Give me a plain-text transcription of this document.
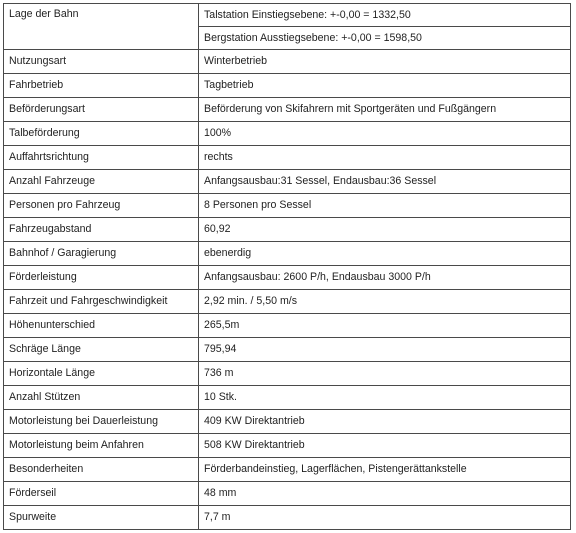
Lage der Bahn	Talstation Einstiegsebene: +-0,00 = 1332,50
	Bergstation Ausstiegsebene: +-0,00 = 1598,50
Nutzungsart	Winterbetrieb
Fahrbetrieb	Tagbetrieb
Beförderungsart	Beförderung von Skifahrern mit Sportgeräten und Fußgängern
Talbeförderung	100%
Auffahrtsrichtung	rechts
Anzahl Fahrzeuge	Anfangsausbau:31 Sessel, Endausbau:36 Sessel
Personen pro Fahrzeug	8 Personen pro Sessel
Fahrzeugabstand	60,92
Bahnhof / Garagierung	ebenerdig
Förderleistung	Anfangsausbau: 2600 P/h, Endausbau 3000 P/h
Fahrzeit und Fahrgeschwindigkeit	2,92 min. / 5,50 m/s
Höhenunterschied	265,5m
Schräge Länge	795,94
Horizontale Länge	736 m
Anzahl Stützen	10 Stk.
Motorleistung bei Dauerleistung	409 KW Direktantrieb
Motorleistung beim Anfahren	508 KW Direktantrieb
Besonderheiten	Förderbandeinstieg, Lagerflächen, Pistengerättankstelle
Förderseil	48 mm
Spurweite	7,7 m
